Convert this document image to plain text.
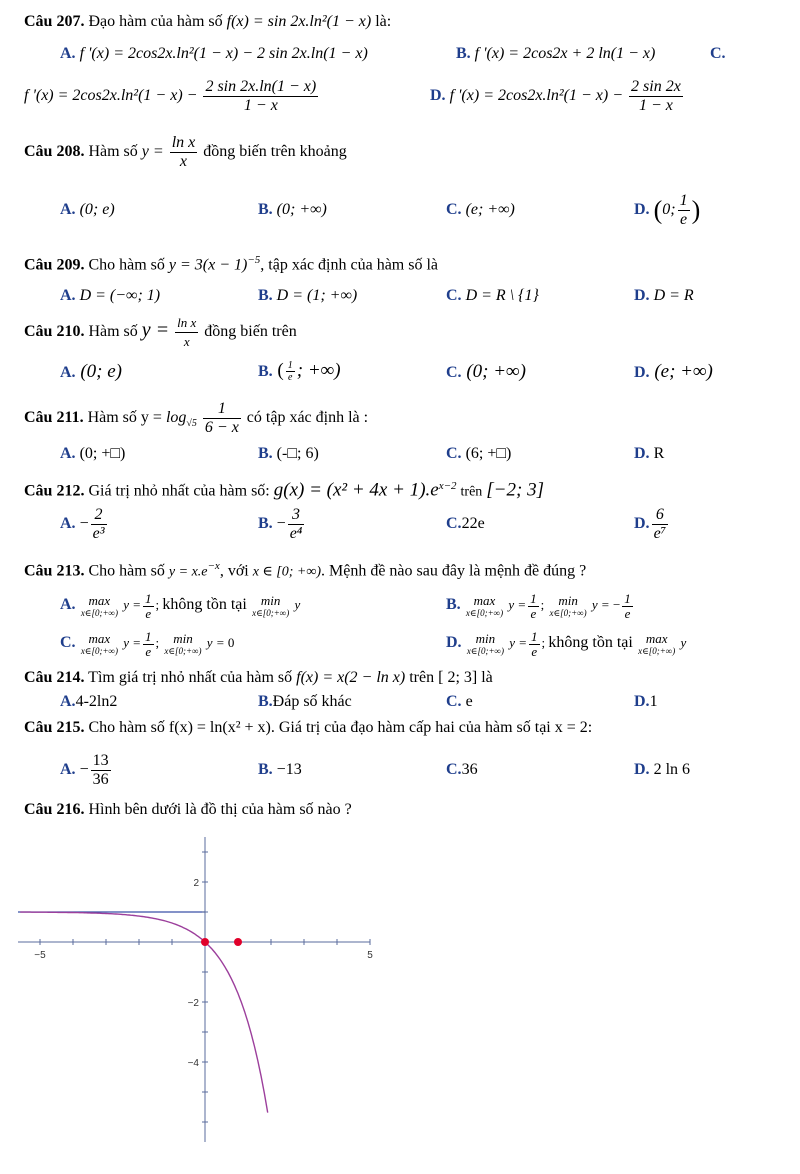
Câu 207. Đạo hàm của hàm số f(x) = sin 2x.ln²(1 − x) là:
A. f '(x) = 2cos2x.ln²(1 − x) − 2 sin 2x.ln(1 − x)	B. f '(x) = 2cos2x + 2 ln(1 − x)	C.
f '$(x) = 2\cos 2x.\ln^2(1 - x) - \frac{2 \sin 2x.\ln(1 - x)}{1 - x}$	D. f '$(x) = 2\cos 2x.\ln^2(1 - x) - \frac{2 \sin 2x}{1 - x}$
Câu 208. Hàm số $y = \frac{\text{ln x}}{x}$ đồng biến trên khoảng
A. (0; e)	B. (0; +∞)	C. (e; +∞)	D. (0; $\frac{1}{e}$ )
Câu 209. Cho hàm số $y = 3(x - 1)^{-5}$, tập xác định của hàm số là
A. D = (−∞; 1)	B. D = (1; +∞)	C. D = R \ {1}	D. D = R
Câu 210. Hàm số $y = \frac{\text{ln x}}{x}$ đồng biến trên
A. (0; e)	B. ( $\frac{1}{e}$ ; +∞)	C. (0; +∞)	D. (e; +∞)
Câu 211. Hàm số $y = \log_{√5} \frac{1}{6 - x}$ có tập xác định là :
A. (0; +□)	B. (-□; 6)	C. (6; +□)	D. R
Câu 212. Giá trị nhỏ nhất của hàm số: $g(x) = (x^2 + 4x + 1).e^{x-2}$ trên [−2; 3]
A. − $\frac{2}{\text{e³}}$	B. − $\frac{3}{\text{e⁴}}$	C.22e	D. $\frac{6}{\text{e⁷}}$
Câu 213. Cho hàm số $y = x.e^{-x}$, với x ∈ [0; +∞). Mệnh đề nào sau đây là mệnh đề đúng ?
A. max
x∈[0;+∞)
$y = \frac{1}{e}$ ; không tồn tại	min
x∈[0;+∞)
y	B. max
x∈[0;+∞)
$y = \frac{1}{e}$ ; min
x∈[0;+∞)
y = − $\frac{1}{e}$
C. max
x∈[0;+∞)
$y = \frac{1}{e}$ ; min
x∈[0;+∞)
y = 0	D.	min
x∈[0;+∞)
$y = \frac{1}{e}$ ; không tồn tại max
x∈[0;+∞)
y
Câu 214. Tìm giá trị nhỏ nhất của hàm số f(x) = x(2 − ln x) trên [ 2; 3] là
A.4-2ln2	B.Đáp số khác	C. e	D.1
Câu 215. Cho hàm số f(x) = ln(x² + x). Giá trị của đạo hàm cấp hai của hàm số tại x = 2:
A. − $\frac{13}{36}$	B. −13	C.36	D. 2 ln 6
Câu 216. Hình bên dưới là đồ thị của hàm số nào ?
−5	5
2
−2
−4
